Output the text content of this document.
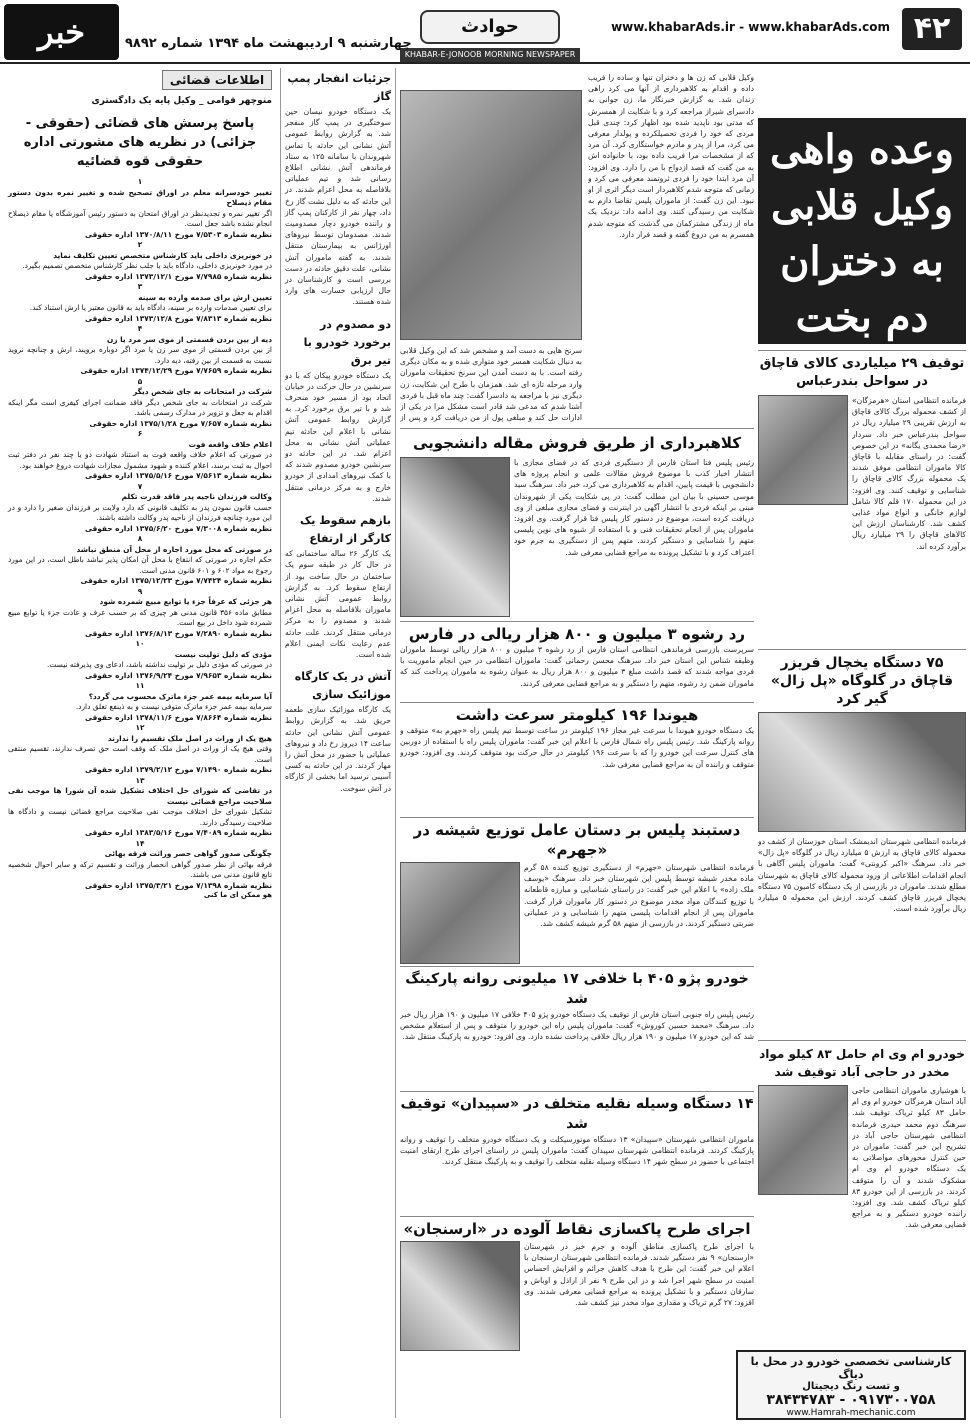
۴۲
www.khabarAds.ir - www.khabarAds.com
حوادث
KHABAR-E-JONOOB MORNING NEWSPAPER
چهارشنبه ۹ اردیبهشت ماه ۱۳۹۴ شماره ۹۸۹۲
خبر
وعده واهی وکیل قلابی به دختران دم بخت

وکیل قلابی که زن ها و دختران تنها و ساده را فریب داده و اقدام به کلاهبرداری از آنها می کرد راهی زندان شد. به گزارش خبرنگار ما، زن جوانی به دادسرای شیراز مراجعه کرد و با شکایت از همسرش که مدتی بود ناپدید شده بود اظهار کرد: چندی قبل مردی که خود را فردی تحصیلکرده و پولدار معرفی می کرد، مرا از پدر و مادرم خواستگاری کرد. آن مرد که از مشخصات مرا فریب داده بود، با خانواده اش به من گفت که قصد ازدواج با من را دارد. وی افزود: آن مرد ابتدا خود را فردی ثروتمند معرفی می کرد و زمانی که متوجه شدم کلاهبردار است دیگر اثری از او نبود. این زن گفت: از ماموران پلیس تقاضا دارم به شکایت من رسیدگی کنند. وی ادامه داد: نزدیک یک ماه از زندگی مشترکمان می گذشت که متوجه شدم همسرم به من دروغ گفته و قصد فرار دارد.

سرنخ هایی به دست آمد و مشخص شد که این وکیل قلابی به دنبال شکایت همسر خود متواری شده و به مکان دیگری رفته است. با به دست آمدن این سرنخ تحقیقات ماموران وارد مرحله تازه ای شد. همزمان با طرح این شکایت، زن دیگری نیز با مراجعه به دادسرا گفت: چند ماه قبل با فردی آشنا شدم که مدعی شد قادر است مشکل مرا در یکی از ادارات حل کند و مبلغی پول از من دریافت کرد و پس از

جزئیات انفجار پمپ گاز

یک دستگاه خودرو نیسان حین سوختگیری در پمپ گاز منفجر شد. به گزارش روابط عمومی آتش نشانی این حادثه با تماس شهروندان با سامانه ۱۲۵ به ستاد فرماندهی آتش نشانی اطلاع رسانی شد و تیم عملیاتی بلافاصله به محل اعزام شدند. در این حادثه که به دلیل نشت گاز رخ داد، چهار نفر از کارکنان پمپ گاز و راننده خودرو دچار مصدومیت شدند. مصدومان توسط نیروهای اورژانس به بیمارستان منتقل شدند. به گفته ماموران آتش نشانی، علت دقیق حادثه در دست بررسی است و کارشناسان در حال ارزیابی خسارت های وارد شده هستند.

دو مصدوم در برخورد خودرو با تیر برق

یک دستگاه خودرو پیکان که با دو سرنشین در حال حرکت در خیابان اتحاد بود از مسیر خود منحرف شد و با تیر برق برخورد کرد. به گزارش روابط عمومی آتش نشانی با اعلام این حادثه تیم عملیاتی آتش نشانی به محل اعزام شد. در این حادثه دو سرنشین خودرو مصدوم شدند که با کمک نیروهای امدادی از خودرو خارج و به مرکز درمانی منتقل شدند.

بازهم سقوط یک کارگر از ارتفاع

یک کارگر ۲۶ ساله ساختمانی که در حال کار در طبقه سوم یک ساختمان در حال ساخت بود از ارتفاع سقوط کرد. به گزارش روابط عمومی آتش نشانی ماموران بلافاصله به محل اعزام شدند و مصدوم را به مرکز درمانی منتقل کردند. علت حادثه عدم رعایت نکات ایمنی اعلام شده است.

آتش در یک کارگاه موزائیک سازی

یک کارگاه موزائیک سازی طعمه حریق شد. به گزارش روابط عمومی آتش نشانی این حادثه ساعت ۱۴ دیروز رخ داد و نیروهای عملیاتی با حضور در محل آتش را مهار کردند. در این حادثه به کسی آسیبی نرسید اما بخشی از کارگاه در آتش سوخت.

اطلاعات قضائی
منوچهر قوامی _ وکیل پایه یک دادگستری
پاسخ پرسش های قضائی (حقوقی - جزائی) در نظریه های مشورتی اداره حقوقی قوه قضائیه
۱
تغییر خودسرانه معلم در اوراق تصحیح شده و تغییر نمره بدون دستور مقام ذیصلاح
اگر تغییر نمره و تجدیدنظر در اوراق امتحان به دستور رئیس آموزشگاه یا مقام ذیصلاح انجام نشده باشد جعل است.
نظریه شماره ۷/۵۳۰۳ مورخ ۱۳۷۰/۸/۱۱ اداره حقوقی
۲
در خونریزی داخلی باید کارشناس متخصص تعیین تکلیف نماید
در مورد خونریزی داخلی، دادگاه باید با جلب نظر کارشناس متخصص تصمیم بگیرد.
نظریه شماره ۷/۷۹۸۵ مورخ ۱۳۷۳/۱۲/۱ اداره حقوقی
۳
تعیین ارش برای صدمه وارده به سینه
برای تعیین صدمات وارده بر سینه، دادگاه باید به قانون معتبر یا ارش استناد کند.
نظریه شماره ۷/۸۳۱۳ مورخ ۱۳۷۳/۱۲/۸ اداره حقوقی
۴
دیه از بین بردن قسمتی از موی سر مرد یا زن
از بین بردن قسمتی از موی سر زن یا مرد اگر دوباره برویند، ارش و چنانچه نروید نسبت به قسمت از بین رفته، دیه دارد.
نظریه شماره ۷/۷۶۵۹ مورخ ۱۳۷۴/۱۲/۲۹ اداره حقوقی
۵
شرکت در امتحانات به جای شخص دیگر
شرکت در امتحانات به جای شخص دیگر فاقد ضمانت اجرای کیفری است مگر اینکه اقدام به جعل و تزویر در مدارک رسمی باشد.
نظریه شماره ۷/۶۵۷ مورخ ۱۳۷۵/۱/۲۸ اداره حقوقی
۶
اعلام خلاف واقعه فوت
در صورتی که اعلام خلاف واقعه فوت به استناد شهادت دو یا چند نفر در دفتر ثبت احوال به ثبت برسد، اعلام کننده و شهود مشمول مجازات شهادت دروغ خواهند بود.
نظریه شماره ۷/۵۶۱۳ مورخ ۱۳۷۵/۵/۱۶ اداره حقوقی
۷
وکالت فرزندان ناجیه پدر فاقد قدرت تکلم
حسب قانون نمودن پدر به تکلیف قانونی که دارد ولایت بر فرزندان صغیر را دارد و در این مورد چنانچه فرزندان از ناحیه پدر وکالت داشته باشند.
نظریه شماره ۷/۳۰۰۸ مورخ ۱۳۷۵/۶/۲۰ اداره حقوقی
۸
در صورتی که محل مورد اجاره از محل آن منطق نباشد
حکم اجاره در صورتی که انتفاع با محل آن امکان پذیر نباشد باطل است، در این مورد رجوع به مواد ۶۰۲ و ۶۰۱ قانون مدنی است.
نظریه شماره ۷/۷۴۲۴ مورخ ۱۳۷۵/۱۲/۲۳ اداره حقوقی
۹
هر جزئی که عرفاً جزء یا توابع مبیع شمرده شود
مطابق ماده ۳۵۶ قانون مدنی هر چیزی که بر حسب عرف و عادت جزء یا توابع مبیع شمرده شود داخل در بیع است.
نظریه شماره ۷/۲۸۹۰ مورخ ۱۳۷۶/۸/۱۳ اداره حقوقی
۱۰
مؤدی که دلیل تولیت نیست
در صورتی که مؤدی دلیل بر تولیت نداشته باشد، ادعای وی پذیرفته نیست.
نظریه شماره ۷/۹۶۵۳ مورخ ۱۳۷۶/۹/۲۴ اداره حقوقی
۱۱
آیا سرمایه بیمه عمر جزء ماترک محسوب می گردد؟
سرمایه بیمه عمر جزء ماترک متوفی نیست و به ذینفع تعلق دارد.
نظریه شماره ۷/۸۶۶۴ مورخ ۱۳۷۸/۱۱/۶ اداره حقوقی
۱۲
هیچ یک از وراث در اصل ملک تقسیم را ندارند
وقتی هیچ یک از وراث در اصل ملک که وقف است حق تصرف ندارند، تقسیم منتفی است.
نظریه شماره ۷/۱۴۹۰ مورخ ۱۳۷۹/۲/۱۲ اداره حقوقی
۱۳
در تقاضی که شورای حل اختلاف تشکیل شده آن شورا ها موجب نفی صلاحیت مراجع قضائی نیست
تشکیل شورای حل اختلاف موجب نفی صلاحیت مراجع قضائی نیست و دادگاه ها صلاحیت رسیدگی دارند.
نظریه شماره ۷/۴۰۸۹ مورخ ۱۳۸۳/۵/۱۶ اداره حقوقی
۱۴
چگونگی صدور گواهی حصر وراثت فرقه بهائی
فرقه بهائی از نظر صدور گواهی انحصار وراثت و تقسیم ترکه و سایر احوال شخصیه تابع قانون مدنی می باشند.
نظریه شماره ۷/۱۳۹۸ مورخ ۱۳۷۵/۳/۲۱ اداره حقوقی
هو ممکن ای ما کنی
کلاهبرداری از طریق فروش مقاله دانشجویی

رئیس پلیس فتا استان فارس از دستگیری فردی که در فضای مجازی با انتشار اخبار کذب با موضوع فروش مقالات علمی و انجام پروژه های دانشجویی با قیمت پایین، اقدام به کلاهبرداری می کرد، خبر داد. سرهنگ سید موسی حسینی با بیان این مطلب گفت: در پی شکایت یکی از شهروندان مبنی بر اینکه فردی با انتشار آگهی در اینترنت و فضای مجازی مبلغی از وی دریافت کرده است، موضوع در دستور کار پلیس فتا قرار گرفت. وی افزود: ماموران پس از انجام تحقیقات فنی و با استفاده از شیوه های نوین پلیسی متهم را شناسایی و دستگیر کردند. متهم پس از دستگیری به جرم خود اعتراف کرد و با تشکیل پرونده به مراجع قضایی معرفی شد.

رد رشوه ۳ میلیون و ۸۰۰ هزار ریالی در فارس

سرپرست بازرسی فرماندهی انتظامی استان فارس از رد رشوه ۳ میلیون و ۸۰۰ هزار ریالی توسط ماموران وظیفه شناس این استان خبر داد. سرهنگ محسن رحمانی گفت: ماموران انتظامی در حین انجام ماموریت با فردی مواجه شدند که قصد داشت مبلغ ۳ میلیون و ۸۰۰ هزار ریال به عنوان رشوه به ماموران پرداخت کند که ماموران ضمن رد رشوه، متهم را دستگیر و به مراجع قضایی معرفی کردند.

هیوندا ۱۹۶ کیلومتر سرعت داشت

یک دستگاه خودرو هیوندا با سرعت غیر مجاز ۱۹۶ کیلومتر در ساعت توسط تیم پلیس راه «جهرم به» متوقف و روانه پارکینگ شد. رئیس پلیس راه شمال فارس با اعلام این خبر گفت: ماموران پلیس راه با استفاده از دوربین های کنترل سرعت این خودرو را که با سرعت ۱۹۶ کیلومتر در حال حرکت بود متوقف کردند. وی افزود: خودرو متوقف و راننده آن به مراجع قضایی معرفی شد.

دستبند پلیس بر دستان عامل توزیع شیشه در «جهرم»

فرمانده انتظامی شهرستان «جهرم» از دستگیری توزیع کننده ۵۸ گرم ماده مخدر شیشه توسط پلیس این شهرستان خبر داد. سرهنگ «یوسف ملک زاده» با اعلام این خبر گفت: در راستای شناسایی و مبارزه قاطعانه با توزیع کنندگان مواد مخدر موضوع در دستور کار ماموران قرار گرفت. ماموران پس از انجام اقدامات پلیسی متهم را شناسایی و در عملیاتی ضربتی دستگیر کردند. در بازرسی از متهم ۵۸ گرم شیشه کشف شد.

خودرو پژو ۴۰۵ با خلافی ۱۷ میلیونی روانه پارکینگ شد

رئیس پلیس راه جنوبی استان فارس از توقیف یک دستگاه خودرو پژو ۴۰۵ خلافی ۱۷ میلیون و ۱۹۰ هزار ریال خبر داد. سرهنگ «محمد حسین کوروش» گفت: ماموران پلیس راه این خودرو را متوقف و پس از استعلام مشخص شد که این خودرو ۱۷ میلیون و ۱۹۰ هزار ریال خلافی پرداخت نشده دارد. وی افزود: خودرو به پارکینگ منتقل شد.

۱۴ دستگاه وسیله نقلیه متخلف در «سپیدان» توقیف شد

ماموران انتظامی شهرستان «سپیدان» ۱۳ دستگاه موتورسیکلت و یک دستگاه خودرو متخلف را توقیف و روانه پارکینگ کردند. فرمانده انتظامی شهرستان سپیدان گفت: ماموران پلیس در راستای اجرای طرح ارتقای امنیت اجتماعی با حضور در سطح شهر ۱۴ دستگاه وسیله نقلیه متخلف را توقیف و به پارکینگ منتقل کردند.

اجرای طرح پاکسازی نقاط آلوده در «ارسنجان»

با اجرای طرح پاکسازی مناطق آلوده و جرم خیز در شهرستان «ارسنجان» ۹ نفر دستگیر شدند. فرمانده انتظامی شهرستان ارسنجان با اعلام این خبر گفت: این طرح با هدف کاهش جرائم و افزایش احساس امنیت در سطح شهر اجرا شد و در این طرح ۹ نفر از اراذل و اوباش و سارقان دستگیر و با تشکیل پرونده به مراجع قضایی معرفی شدند. وی افزود: ۲۷ گرم تریاک و مقداری مواد مخدر نیز کشف شد.

توقیف ۲۹ میلیاردی کالای قاچاق در سواحل بندرعباس

فرمانده انتظامی استان «هرمزگان» از کشف محموله بزرگ کالای قاچاق به ارزش تقریبی ۲۹ میلیارد ریال در سواحل بندرعباس خبر داد. سردار «رضا محمدی یگانه» در این خصوص گفت: در راستای مقابله با قاچاق کالا ماموران انتظامی موفق شدند یک محموله بزرگ کالای قاچاق را شناسایی و توقیف کنند. وی افزود: در این محموله ۱۷۰ قلم کالا شامل لوازم خانگی و انواع مواد غذایی کشف شد. کارشناسان ارزش این کالاهای قاچاق را ۲۹ میلیارد ریال برآورد کرده اند.

۷۵ دستگاه یخچال فریزر قاچاق در گلوگاه «پل زال» گیر کرد

فرمانده انتظامی شهرستان اندیمشک استان خوزستان از کشف دو محموله کالای قاچاق به ارزش ۵ میلیارد ریال در گلوگاه «پل زال» خبر داد. سرهنگ «اکبر کرونتی» گفت: ماموران پلیس آگاهی با انجام اقدامات اطلاعاتی از ورود محموله کالای قاچاق به شهرستان مطلع شدند. ماموران در بازرسی از یک دستگاه کامیون ۷۵ دستگاه یخچال فریزر قاچاق کشف کردند. ارزش این محموله ۵ میلیارد ریال برآورد شده است.

خودرو ام وی ام حامل ۸۳ کیلو مواد مخدر در حاجی آباد توقیف شد

با هوشیاری ماموران انتظامی حاجی آباد استان هرمزگان خودرو ام وی ام حامل ۸۳ کیلو تریاک توقیف شد. سرهنگ دوم محمد حیدری فرمانده انتظامی شهرستان حاجی آباد در تشریح این خبر گفت: ماموران در حین کنترل محورهای مواصلاتی به یک دستگاه خودرو ام وی ام مشکوک شدند و آن را متوقف کردند. در بازرسی از این خودرو ۸۳ کیلو تریاک کشف شد. وی افزود: راننده خودرو دستگیر و به مراجع قضایی معرفی شد.

کارشناسی تخصصی خودرو در محل با دیاگ
و تست رنگ دیجیتال
۳۸۴۳۴۷۸۳ - ۰۹۱۷۳۰۰۷۵۸
www.Hamrah-mechanic.com
